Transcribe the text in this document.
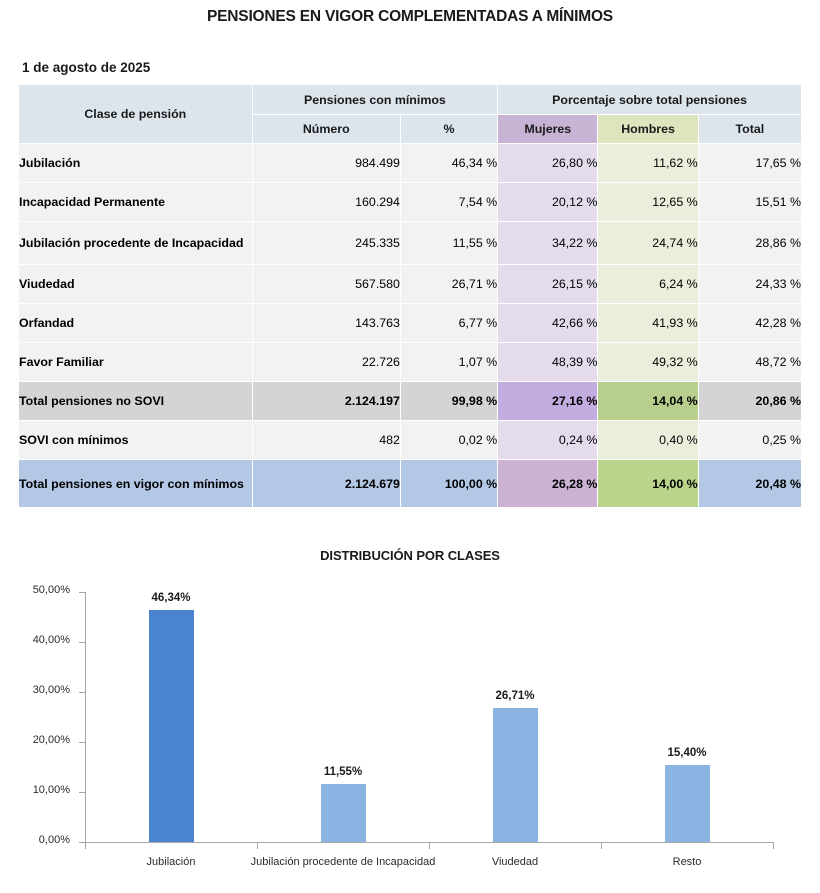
PENSIONES EN VIGOR COMPLEMENTADAS A MÍNIMOS
1 de agosto de 2025
Clase de pensión	Pensiones con mínimos		Porcentaje sobre total pensiones		
	Número	%	Mujeres	Hombres	Total
Jubilación	984.499	46,34 %	26,80 %	11,62 %	17,65 %
Incapacidad Permanente	160.294	7,54 %	20,12 %	12,65 %	15,51 %
Jubilación procedente de Incapacidad	245.335	11,55 %	34,22 %	24,74 %	28,86 %
Viudedad	567.580	26,71 %	26,15 %	6,24 %	24,33 %
Orfandad	143.763	6,77 %	42,66 %	41,93 %	42,28 %
Favor Familiar	22.726	1,07 %	48,39 %	49,32 %	48,72 %
Total pensiones no SOVI	2.124.197	99,98 %	27,16 %	14,04 %	20,86 %
SOVI con mínimos	482	0,02 %	0,24 %	0,40 %	0,25 %
Total pensiones en vigor con mínimos	2.124.679	100,00 %	26,28 %	14,00 %	20,48 %
DISTRIBUCIÓN POR CLASES
0,00%
10,00%
20,00%
30,00%
40,00%
50,00%
Jubilación	Jubilación procedente de Incapacidad	Viudedad	Resto
46,34%
11,55%
26,71%
15,40%
